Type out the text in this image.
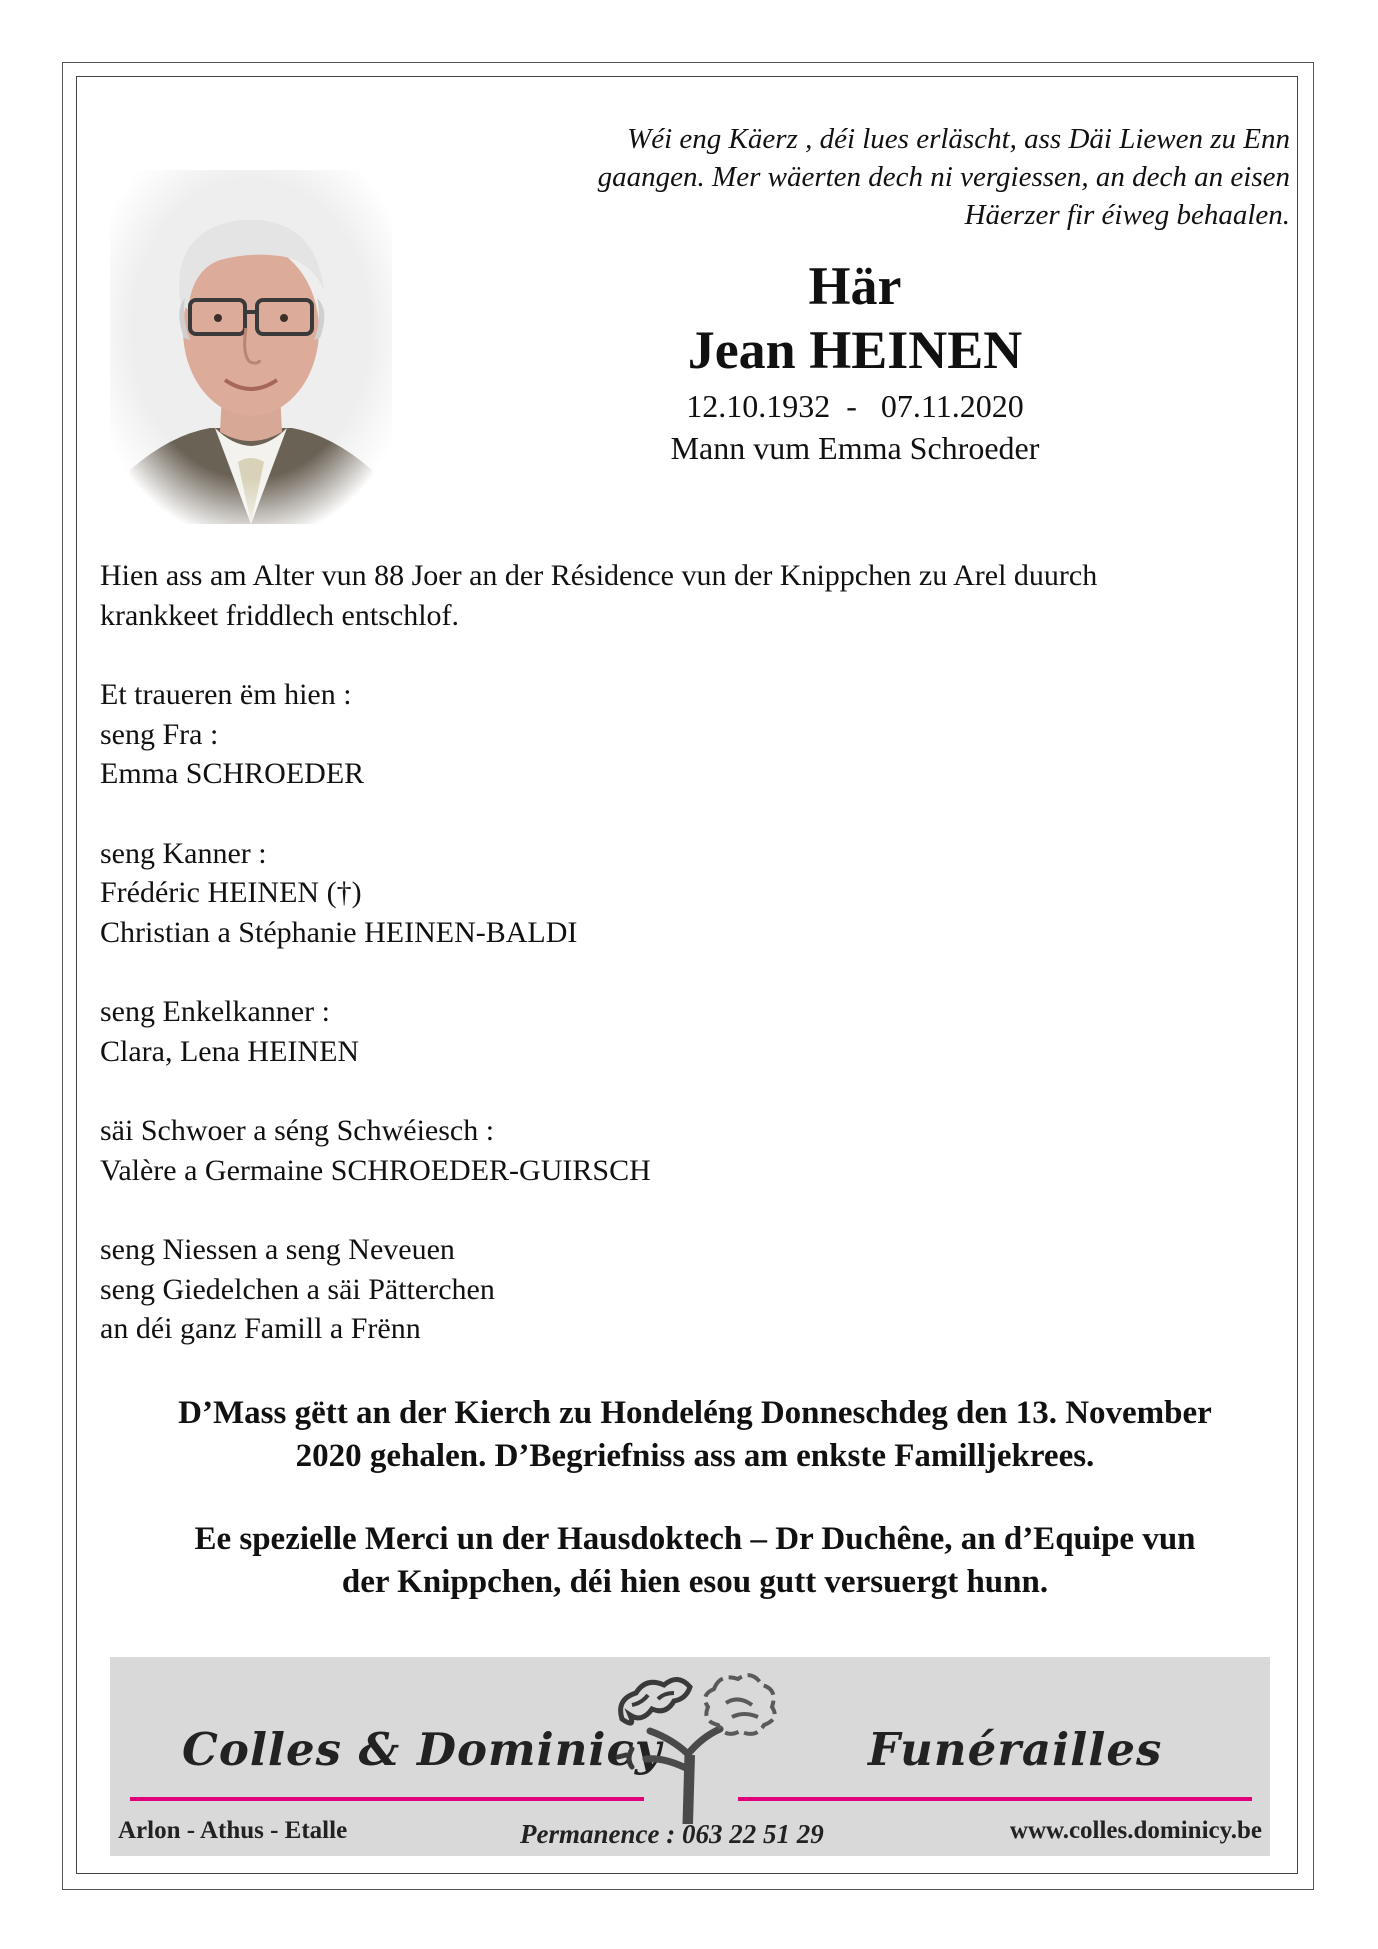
Wéi eng Käerz , déi lues erläscht, ass Däi Liewen zu Enn
gaangen. Mer wäerten dech ni vergiessen, an dech an eisen
Häerzer fir éiweg behaalen.
Här
Jean HEINEN
12.10.1932  -   07.11.2020
Mann vum Emma Schroeder

Hien ass am Alter vun 88 Joer an der Résidence vun der Knippchen zu Arel duurch

krankkeet friddlech entschlof.

Et traueren ëm hien :

seng Fra :

Emma SCHROEDER

seng Kanner :

Frédéric HEINEN (†)

Christian a Stéphanie HEINEN-BALDI

seng Enkelkanner :

Clara, Lena HEINEN

säi Schwoer a séng Schwéiesch :

Valère a Germaine SCHROEDER-GUIRSCH

seng Niessen a seng Neveuen

seng Giedelchen a säi Pätterchen

an déi ganz Famill a Frënn

D’Mass gëtt an der Kierch zu Hondeléng Donneschdeg den 13. November
2020 gehalen. D’Begriefniss ass am enkste Familljekrees.
Ee spezielle Merci un der Hausdoktech – Dr Duchêne, an d’Equipe vun
der Knippchen, déi hien esou gutt versuergt hunn.
Colles & Dominicy	Funérailles
Arlon - Athus - Etalle	Permanence : 063 22 51 29	www.colles.dominicy.be
